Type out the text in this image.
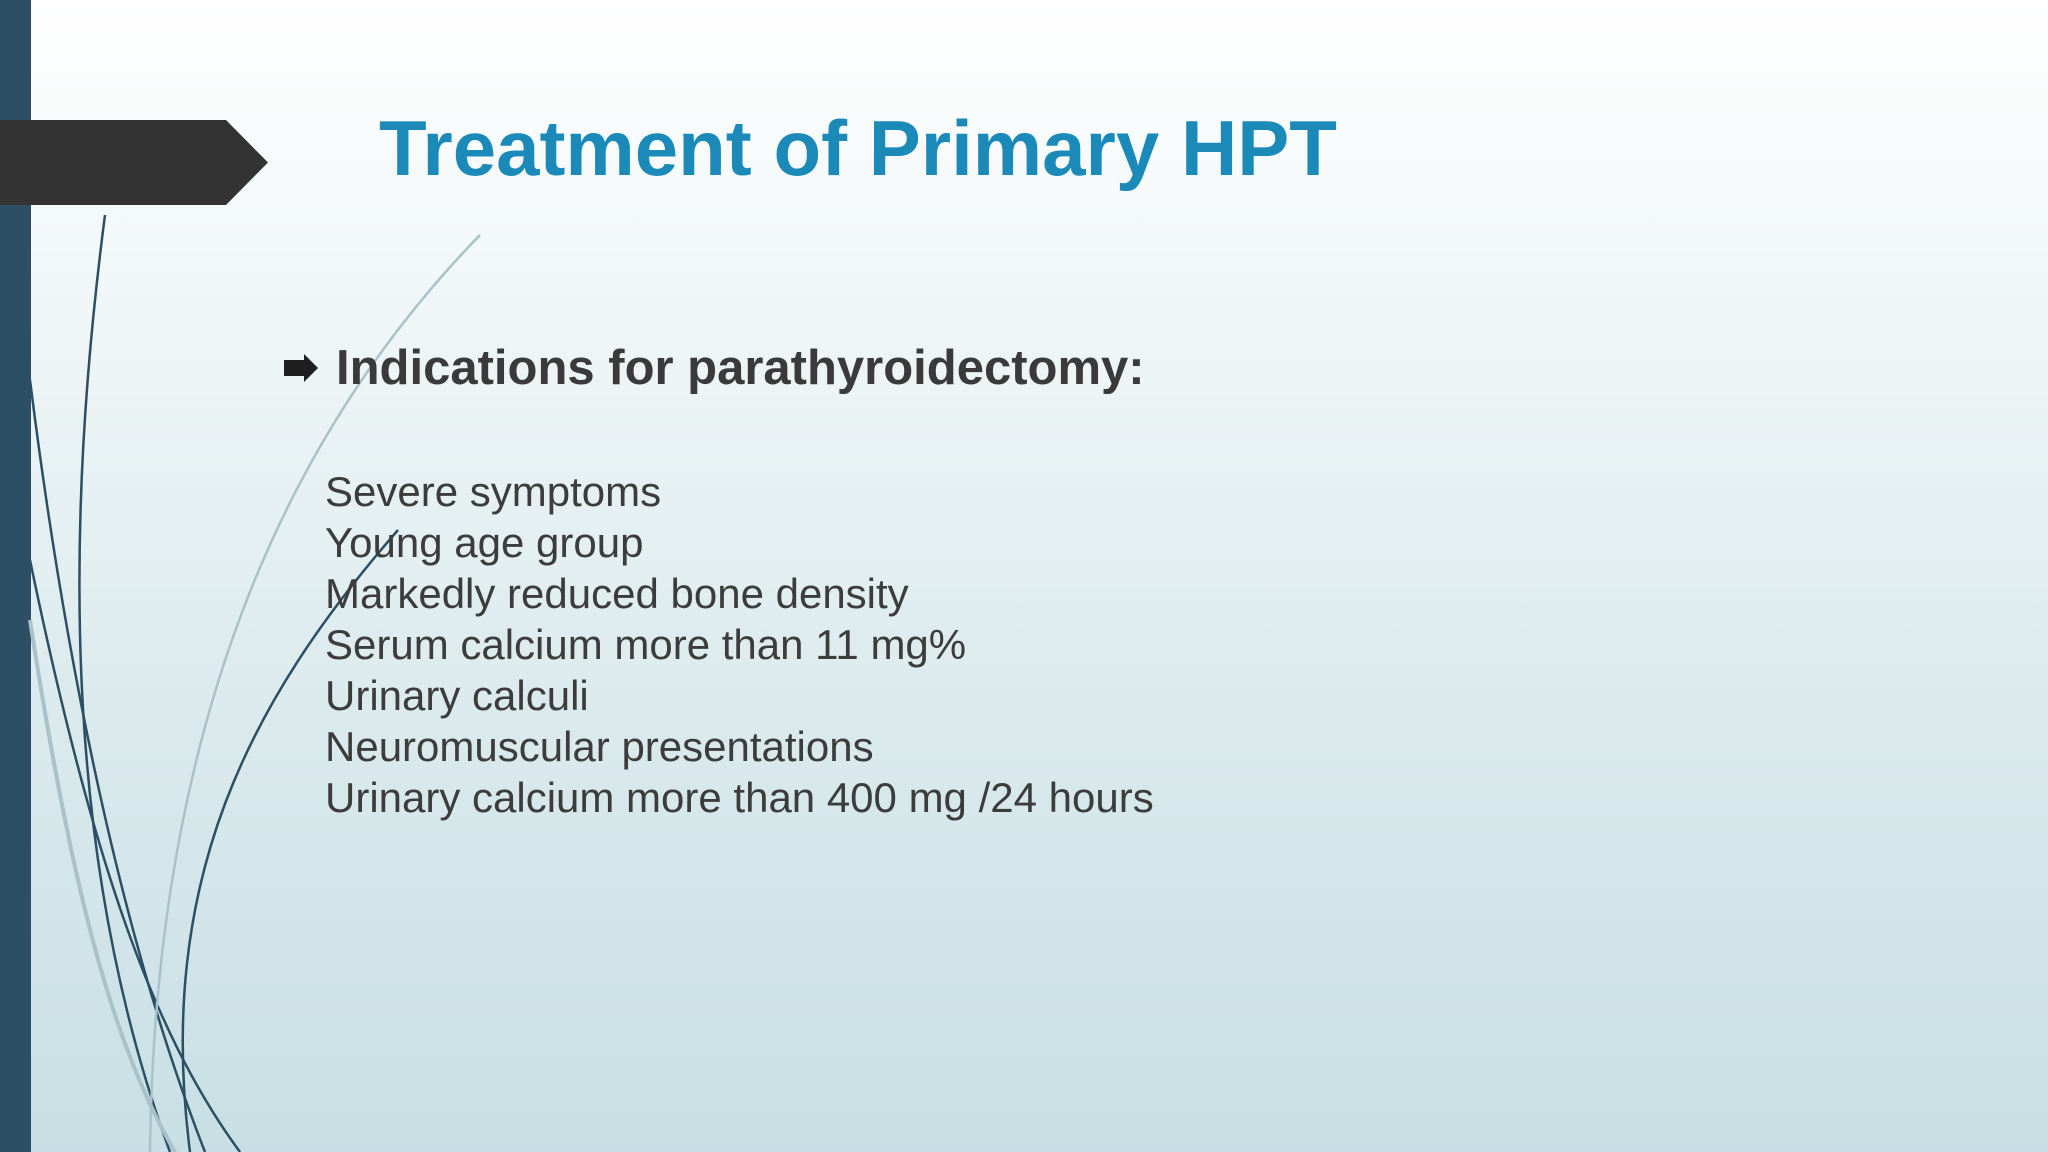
Treatment of Primary HPT
Indications for parathyroidectomy:
Severe symptoms
Young age group
Markedly reduced bone density
Serum calcium more than 11 mg%
Urinary calculi
Neuromuscular presentations
Urinary calcium more than 400 mg /24 hours
